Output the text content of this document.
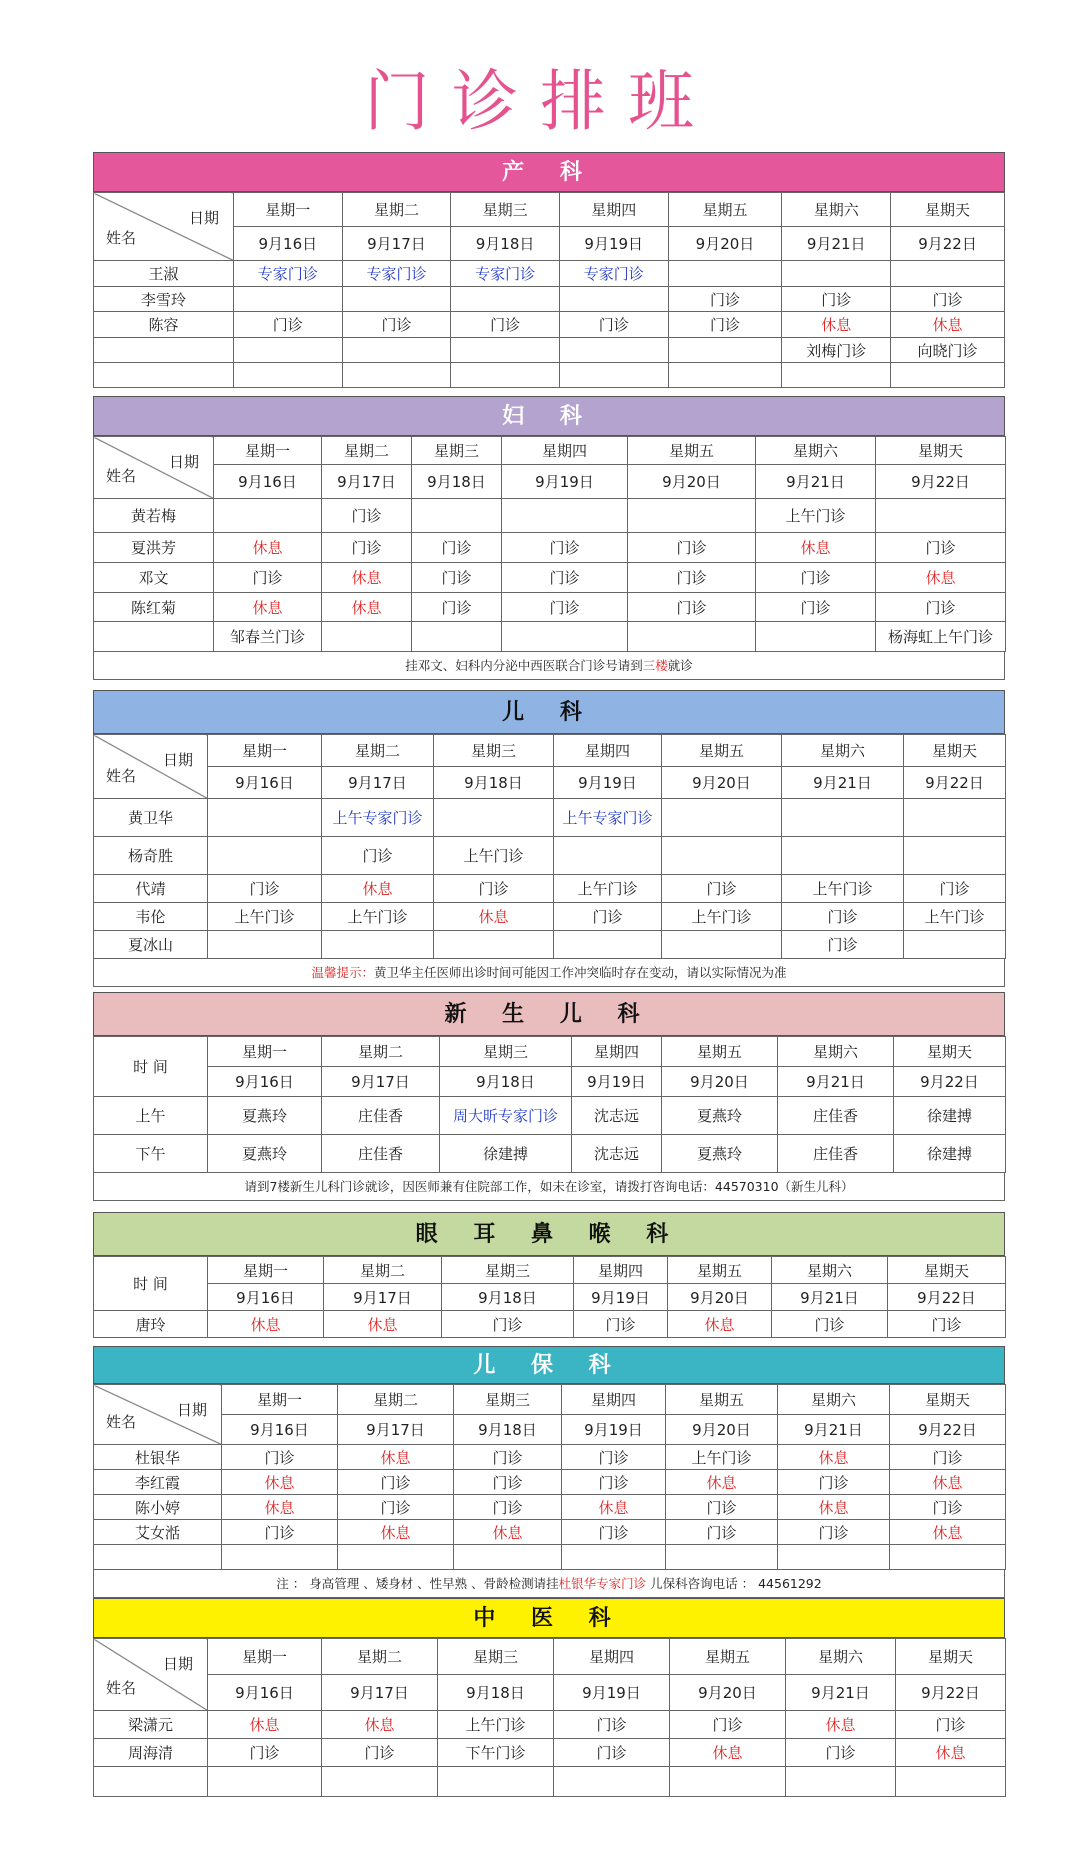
门诊排班
产 科
日期
姓名	星期一	星期二	星期三	星期四	星期五	星期六	星期天
	9月16日	9月17日	9月18日	9月19日	9月20日	9月21日	9月22日
王淑	专家门诊	专家门诊	专家门诊	专家门诊			
李雪玲					门诊	门诊	门诊
陈容	门诊	门诊	门诊	门诊	门诊	休息	休息
						刘梅门诊	向晓门诊

妇 科
日期
姓名	星期一	星期二	星期三	星期四	星期五	星期六	星期天
	9月16日	9月17日	9月18日	9月19日	9月20日	9月21日	9月22日
黄若梅		门诊				上午门诊	
夏洪芳	休息	门诊	门诊	门诊	门诊	休息	门诊
邓文	门诊	休息	门诊	门诊	门诊	门诊	休息
陈红菊	休息	休息	门诊	门诊	门诊	门诊	门诊
	邹春兰门诊						杨海虹上午门诊
挂邓文、妇科内分泌中西医联合门诊号请到三楼就诊
儿 科
日期
姓名	星期一	星期二	星期三	星期四	星期五	星期六	星期天
	9月16日	9月17日	9月18日	9月19日	9月20日	9月21日	9月22日
黄卫华		上午专家门诊		上午专家门诊			
杨奇胜		门诊	上午门诊				
代靖	门诊	休息	门诊	上午门诊	门诊	上午门诊	门诊
韦伦	上午门诊	上午门诊	休息	门诊	上午门诊	门诊	上午门诊
夏冰山						门诊	
温馨提示：黄卫华主任医师出诊时间可能因工作冲突临时存在变动，请以实际情况为准
新 生 儿 科
时 间	星期一	星期二	星期三	星期四	星期五	星期六	星期天
	9月16日	9月17日	9月18日	9月19日	9月20日	9月21日	9月22日
上午	夏燕玲	庄佳香	周大昕专家门诊	沈志远	夏燕玲	庄佳香	徐建搏
下午	夏燕玲	庄佳香	徐建搏	沈志远	夏燕玲	庄佳香	徐建搏
请到7楼新生儿科门诊就诊，因医师兼有住院部工作，如未在诊室，请拨打咨询电话：44570310（新生儿科）
眼 耳 鼻 喉 科
时 间	星期一	星期二	星期三	星期四	星期五	星期六	星期天
	9月16日	9月17日	9月18日	9月19日	9月20日	9月21日	9月22日
唐玲	休息	休息	门诊	门诊	休息	门诊	门诊
儿 保 科
日期
姓名	星期一	星期二	星期三	星期四	星期五	星期六	星期天
	9月16日	9月17日	9月18日	9月19日	9月20日	9月21日	9月22日
杜银华	门诊	休息	门诊	门诊	上午门诊	休息	门诊
李红霞	休息	门诊	门诊	门诊	休息	门诊	休息
陈小婷	休息	门诊	门诊	休息	门诊	休息	门诊
艾女湉	门诊	休息	休息	门诊	门诊	门诊	休息

注 ： 身高管理 、矮身材 、性早熟 、骨龄检测请挂杜银华专家门诊 儿保科咨询电话 ： 44561292
中 医 科
日期
姓名	星期一	星期二	星期三	星期四	星期五	星期六	星期天
	9月16日	9月17日	9月18日	9月19日	9月20日	9月21日	9月22日
梁潇元	休息	休息	上午门诊	门诊	门诊	休息	门诊
周海清	门诊	门诊	下午门诊	门诊	休息	门诊	休息
